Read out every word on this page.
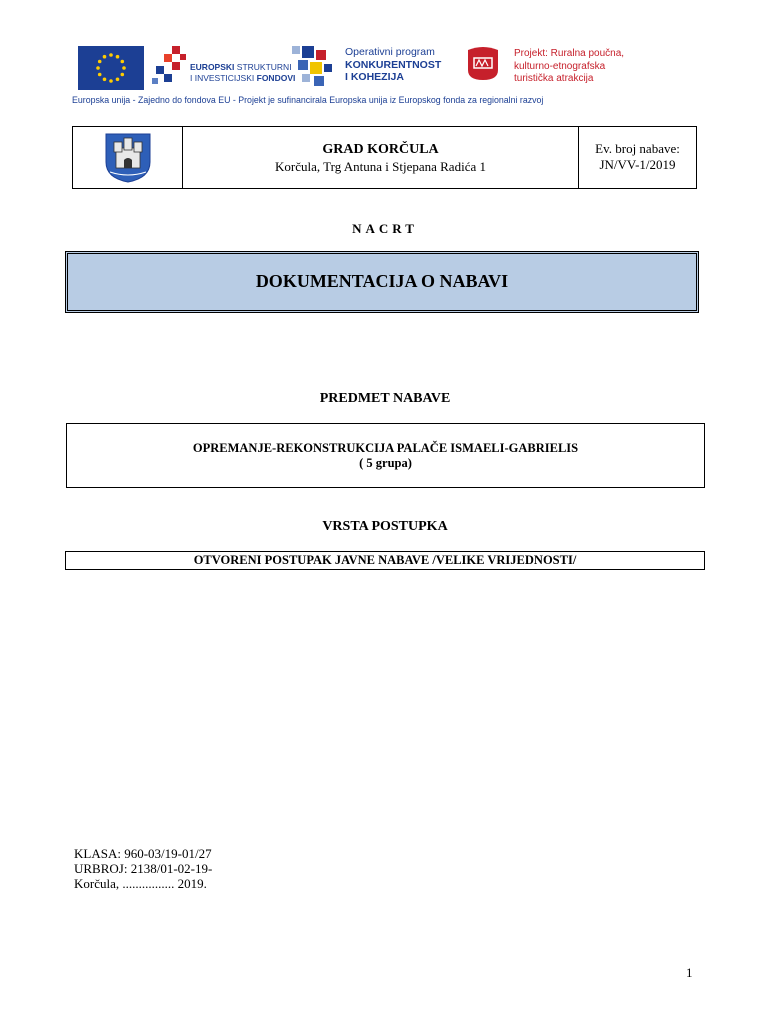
EUROPSKI STRUKTURNI
I INVESTICIJSKI FONDOVI
Operativni program
KONKURENTNOST
I KOHEZIJA
Projekt: Ruralna poučna,
kulturno-etnografska
turistička atrakcija
Europska unija - Zajedno do fondova EU - Projekt je sufinancirala Europska unija iz Europskog fonda za regionalni razvoj
GRAD KORČULA
Korčula, Trg Antuna i Stjepana Radića 1
Ev. broj nabave:
JN/VV-1/2019
NACRT
DOKUMENTACIJA O NABAVI
PREDMET NABAVE
OPREMANJE-REKONSTRUKCIJA PALAČE ISMAELI-GABRIELIS
( 5 grupa)
VRSTA POSTUPKA
OTVORENI POSTUPAK JAVNE NABAVE /VELIKE VRIJEDNOSTI/
KLASA: 960-03/19-01/27
URBROJ: 2138/01-02-19-
Korčula, ................ 2019.
1
